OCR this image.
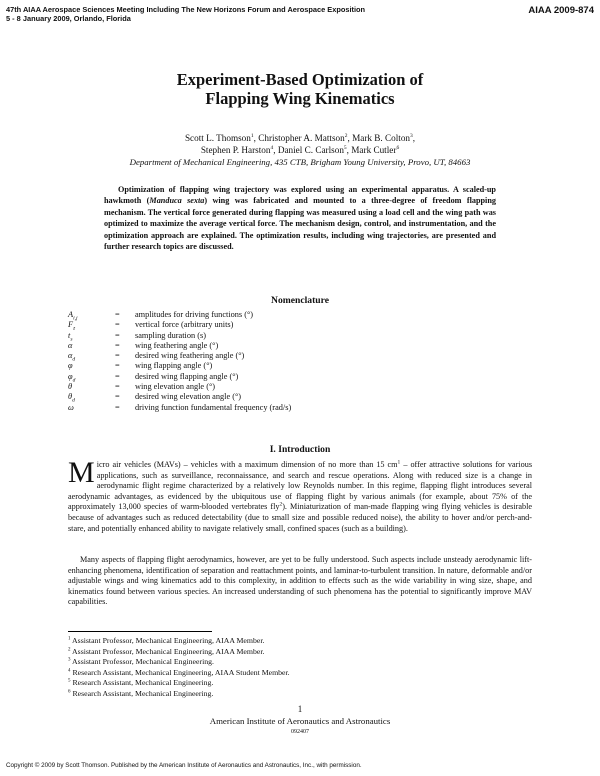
47th AIAA Aerospace Sciences Meeting Including The New Horizons Forum and Aerospace Exposition
5 - 8 January 2009, Orlando, Florida
AIAA 2009-874
Experiment-Based Optimization of
Flapping Wing Kinematics
Scott L. Thomson$^1$, Christopher A. Mattson$^2$, Mark B. Colton$^3$,
Stephen P. Harston$^4$, Daniel C. Carlson$^5$, Mark Cutler$^6$
Department of Mechanical Engineering, 435 CTB, Brigham Young University, Provo, UT, 84663
Optimization of flapping wing trajectory was explored using an experimental apparatus. A scaled-up hawkmoth (Manduca sexta) wing was fabricated and mounted to a three-degree of freedom flapping mechanism. The vertical force generated during flapping was measured using a load cell and the wing path was optimized to maximize the average vertical force. The mechanism design, control, and instrumentation, and the optimization approach are explained. The optimization results, including wing trajectories, are presented and further research topics are discussed.
Nomenclature
$A_{i,j}$	=	amplitudes for driving functions (°)
$F_z$	=	vertical force (arbitrary units)
$t_s$	=	sampling duration (s)
α	=	wing feathering angle (°)
$\alpha_d$	=	desired wing feathering angle (°)
φ	=	wing flapping angle (°)
$\varphi_d$	=	desired wing flapping angle (°)
θ	=	wing elevation angle (°)
$\theta_d$	=	desired wing elevation angle (°)
ω	=	driving function fundamental frequency (rad/s)
I. Introduction
Micro air vehicles (MAVs) – vehicles with a maximum dimension of no more than 15 $cm^1$ – offer attractive solutions for various applications, such as surveillance, reconnaissance, and search and rescue operations. Along with reduced size is a change in aerodynamic flight regime characterized by a relatively low Reynolds number. In this regime, flapping flight introduces several aerodynamic advantages, as evidenced by the ubiquitous use of flapping flight by various animals (for example, about 75% of the approximately 13,000 species of warm-blooded vertebrates fly$^2$). Miniaturization of man-made flapping wing flying vehicles is desirable because of advantages such as reduced detectability (due to small size and possible reduced noise), the ability to hover and/or perch-and-stare, and potentially enhanced ability to navigate relatively small, confined spaces (such as a building).
Many aspects of flapping flight aerodynamics, however, are yet to be fully understood. Such aspects include unsteady aerodynamic lift-enhancing phenomena, identification of separation and reattachment points, and laminar-to-turbulent transition. In nature, deformable and/or adjustable wings and wing kinematics add to this complexity, in addition to effects such as the wide variability in wing size, shape, and kinematics found between various species. An increased understanding of such phenomena has the potential to significantly improve MAV capabilities.
$^1$ Assistant Professor, Mechanical Engineering, AIAA Member.
$^2$ Assistant Professor, Mechanical Engineering, AIAA Member.
$^3$ Assistant Professor, Mechanical Engineering.
$^4$ Research Assistant, Mechanical Engineering, AIAA Student Member.
$^5$ Research Assistant, Mechanical Engineering.
$^6$ Research Assistant, Mechanical Engineering.
1
American Institute of Aeronautics and Astronautics
092407
Copyright © 2009 by Scott Thomson. Published by the American Institute of Aeronautics and Astronautics, Inc., with permission.
